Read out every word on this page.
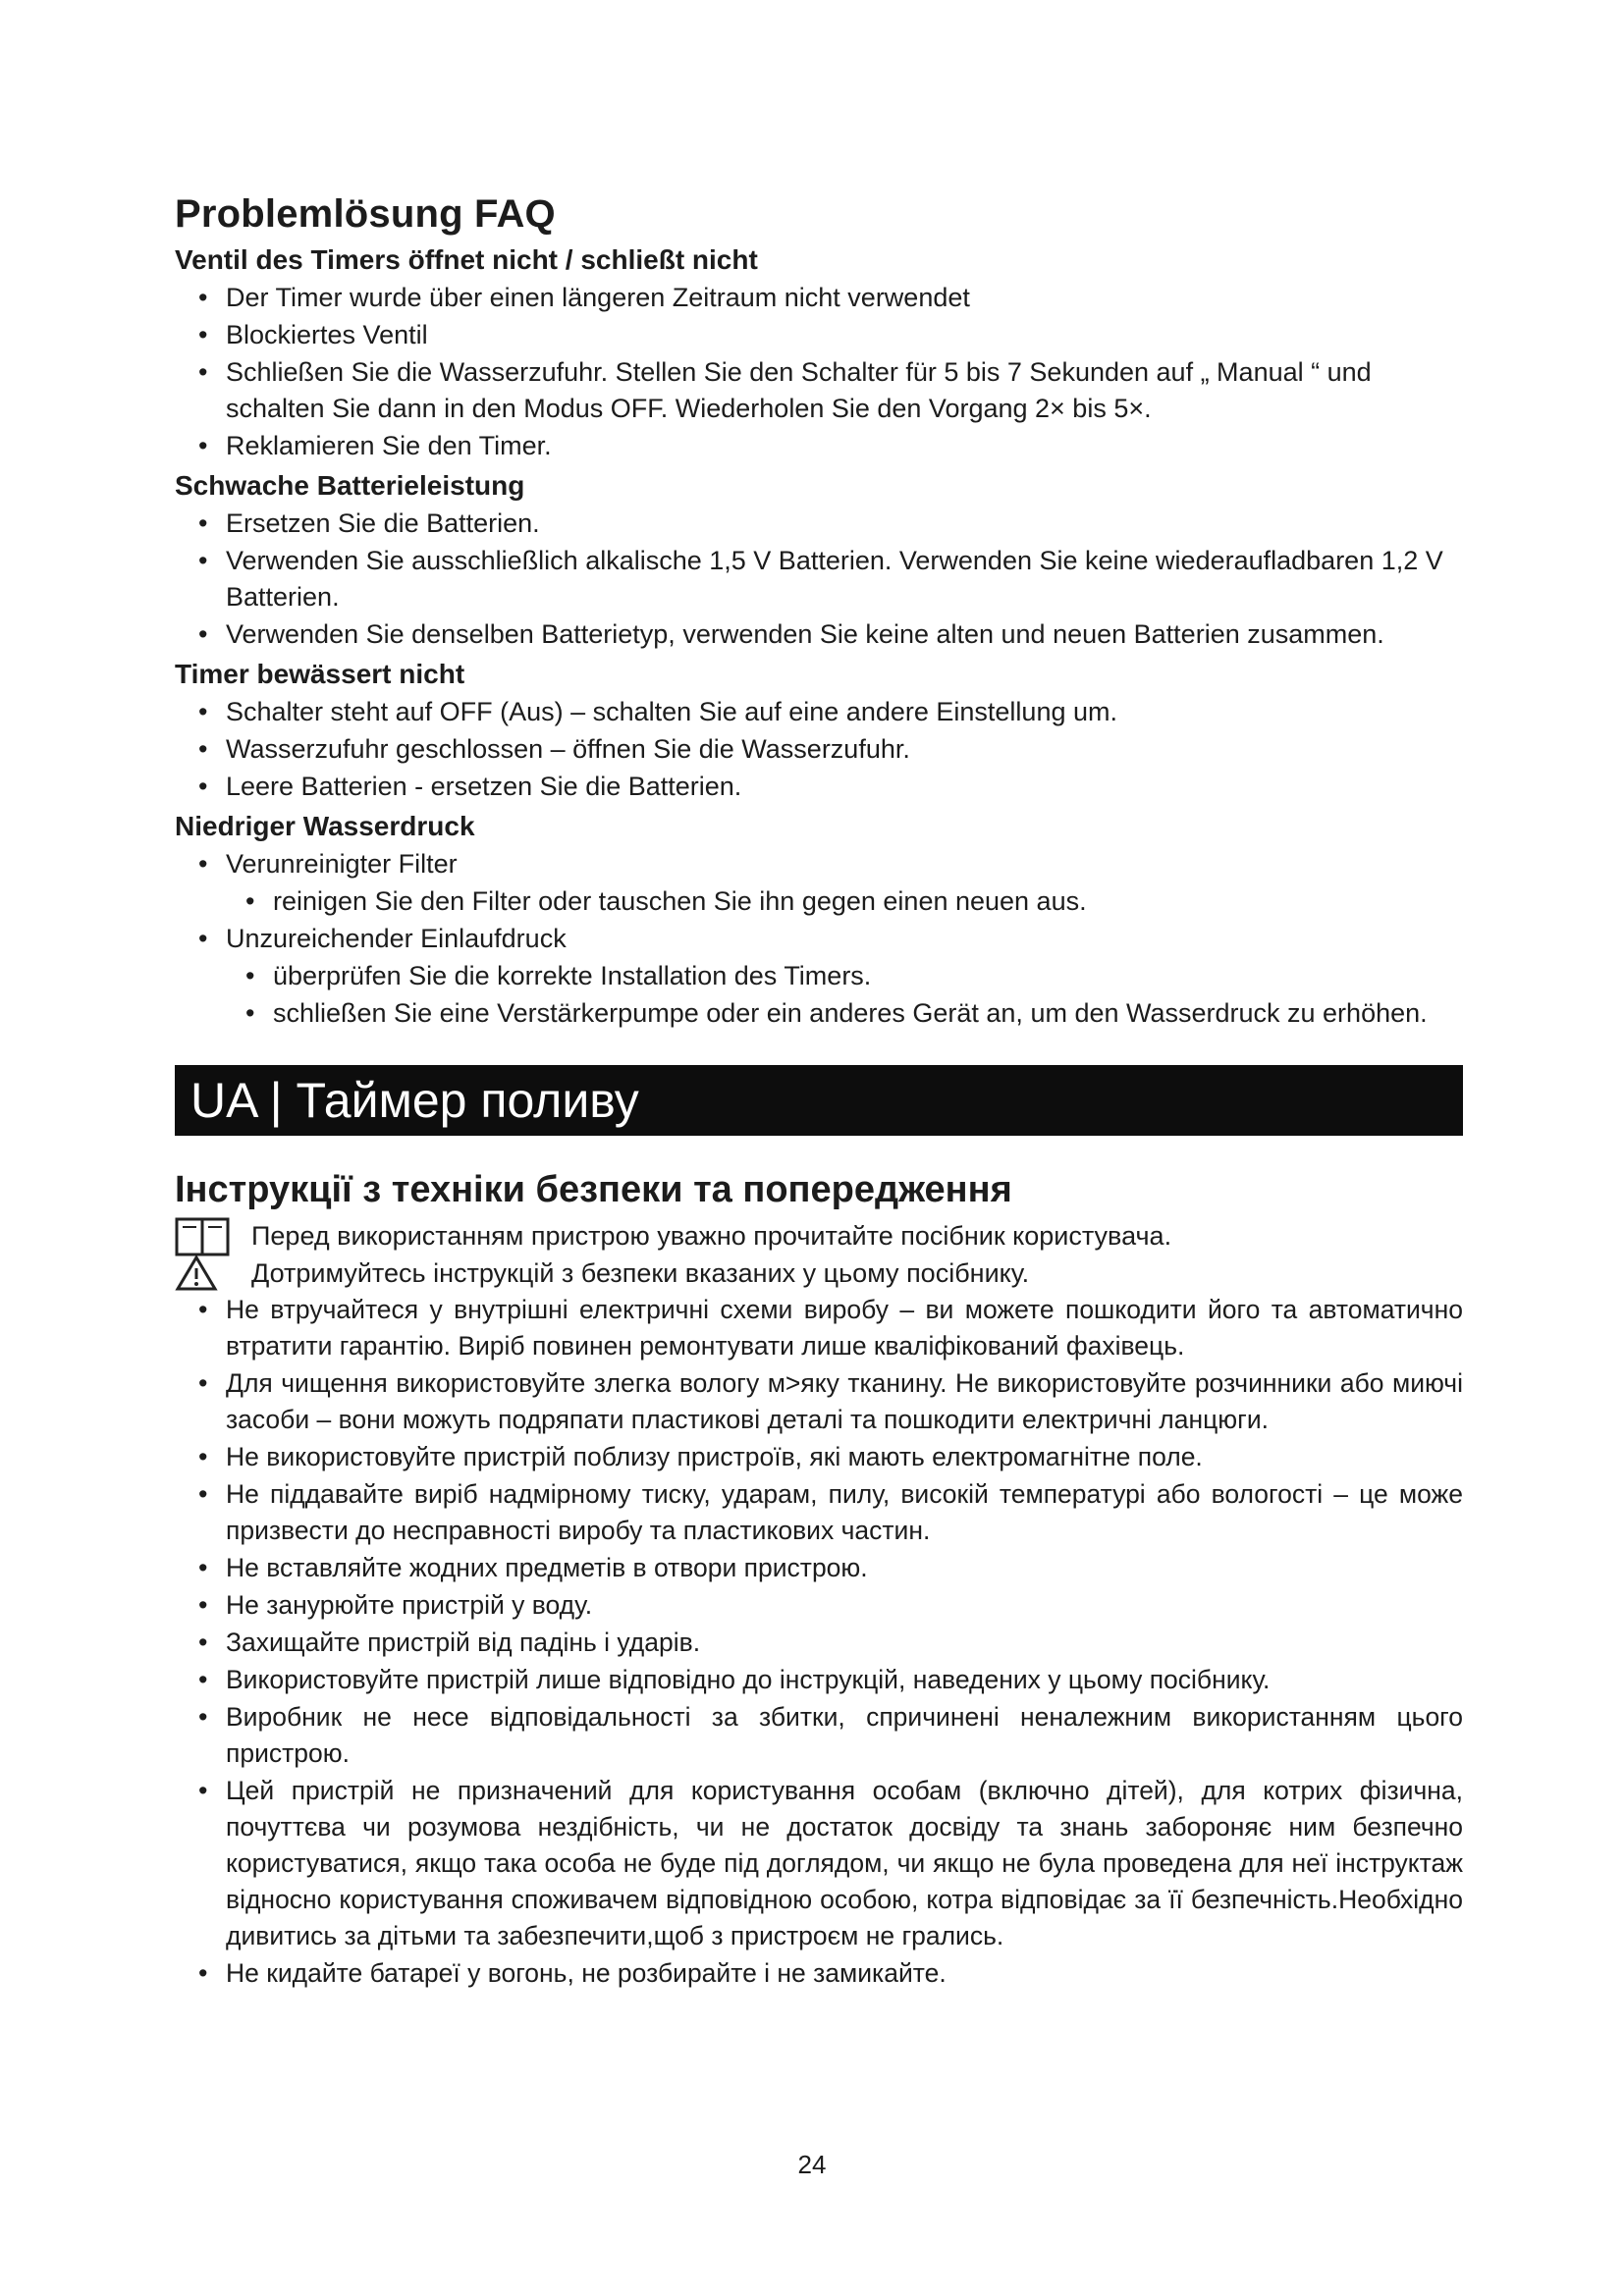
Problemlösung FAQ
Ventil des Timers öffnet nicht / schließt nicht
• Der Timer wurde über einen längeren Zeitraum nicht verwendet
• Blockiertes Ventil
• Schließen Sie die Wasserzufuhr. Stellen Sie den Schalter für 5 bis 7 Sekunden auf „ Manual “ und schalten Sie dann in den Modus OFF. Wiederholen Sie den Vorgang 2× bis 5×.
• Reklamieren Sie den Timer.
Schwache Batterieleistung
• Ersetzen Sie die Batterien.
• Verwenden Sie ausschließlich alkalische 1,5 V Batterien. Verwenden Sie keine wiederaufladbaren 1,2 V Batterien.
• Verwenden Sie denselben Batterietyp, verwenden Sie keine alten und neuen Batterien zusammen.
Timer bewässert nicht
• Schalter steht auf OFF (Aus) – schalten Sie auf eine andere Einstellung um.
• Wasserzufuhr geschlossen – öffnen Sie die Wasserzufuhr.
• Leere Batterien - ersetzen Sie die Batterien.
Niedriger Wasserdruck
• Verunreinigter Filter
• reinigen Sie den Filter oder tauschen Sie ihn gegen einen neuen aus.
• Unzureichender Einlaufdruck
• überprüfen Sie die korrekte Installation des Timers.
• schließen Sie eine Verstärkerpumpe oder ein anderes Gerät an, um den Wasserdruck zu erhöhen.
UA | Таймер поливу
Інструкції з техніки безпеки та попередження

Перед використанням пристрою уважно прочитайте посібник користувача.

Дотримуйтесь інструкцій з безпеки вказаних у цьому посібнику.

• Не втручайтеся у внутрішні електричні схеми виробу – ви можете пошкодити його та автоматично втратити гарантію. Виріб повинен ремонтувати лише кваліфікований фахівець.
• Для чищення використовуйте злегка вологу м>яку тканину. Не використовуйте розчинники або миючі засоби – вони можуть подряпати пластикові деталі та пошкодити електричні ланцюги.
• Не використовуйте пристрій поблизу пристроїв, які мають електромагнітне поле.
• Не піддавайте виріб надмірному тиску, ударам, пилу, високій температурі або вологості – це може призвести до несправності виробу та пластикових частин.
• Не вставляйте жодних предметів в отвори пристрою.
• Не занурюйте пристрій у воду.
• Захищайте пристрій від падінь і ударів.
• Використовуйте пристрій лише відповідно до інструкцій, наведених у цьому посібнику.
• Виробник не несе відповідальності за збитки, спричинені неналежним використанням цього пристрою.
• Цей пристрій не призначений для користування особам (включно дітей), для котрих фізична, почуттєва чи розумова нездібність, чи не достаток досвіду та знань забороняє ним безпечно користуватися, якщо така особа не буде під доглядом, чи якщо не була проведена для неї інструктаж відносно користування споживачем відповідною особою, котра відповідає за її безпечність.Необхідно дивитись за дітьми та забезпечити,щоб з пристроєм не грались.
• Не кидайте батареї у вогонь, не розбирайте і не замикайте.
24
